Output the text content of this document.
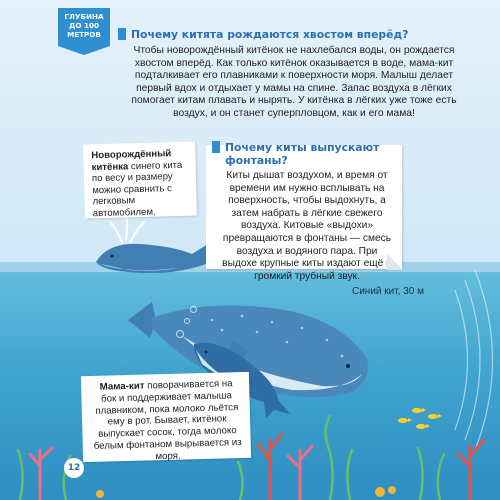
ГЛУБИНА
ДО 100
МЕТРОВ	Почему китята рождаются хвостом вперёд?

Чтобы новорождённый китёнок не нахлебался воды, он рождается хвостом вперёд. Как только китёнок оказывается в воде, мама-кит подталкивает его плавниками к поверхности моря. Малыш делает первый вдох и отдыхает у мамы на спине. Запас воздуха в лёгких помогает китам плавать и нырять. У китёнка в лёгких уже тоже есть воздух, и он станет суперпловцом, как и его мама!

Новорождённый китёнка синего кита по весу и размеру можно сравнить с легковым автомобилем.

Почему киты выпускают фонтаны?

Киты дышат воздухом, и время от времени им нужно всплывать на поверхность, чтобы выдохнуть, а затем набрать в лёгкие свежего воздуха. Китовые «выдохи» превращаются в фонтаны — смесь воздуха и водяного пара. При выдохе крупные киты издают ещё и громкий трубный звук.

Синий кит, 30 м

Мама-кит поворачивается на бок и поддерживает малыша плавником, пока молоко льётся ему в рот. Бывает, китёнок выпускает сосок, тогда молоко белым фонтаном вырывается из моря.

12
